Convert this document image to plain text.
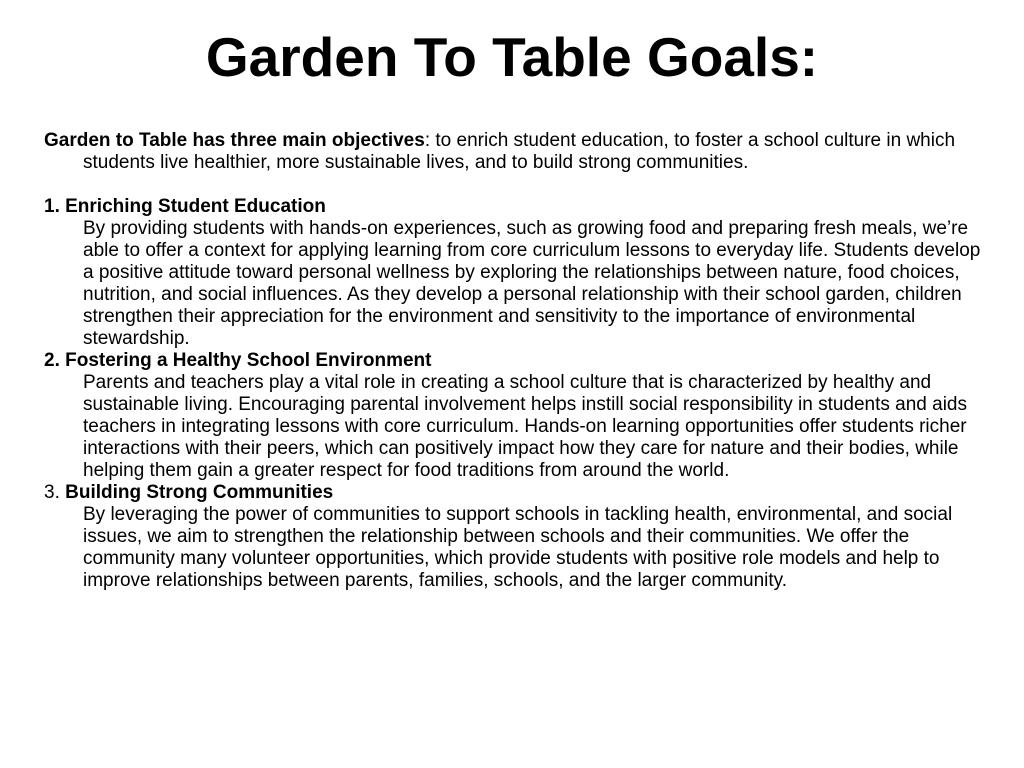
Garden To Table Goals:

Garden to Table has three main objectives: to enrich student education, to foster a school culture in which students live healthier, more sustainable lives, and to build strong communities.

1. Enriching Student Education
By providing students with hands-on experiences, such as growing food and preparing fresh meals, we’re able to offer a context for applying learning from core curriculum lessons to everyday life. Students develop a positive attitude toward personal wellness by exploring the relationships between nature, food choices, nutrition, and social influences. As they develop a personal relationship with their school garden, children strengthen their appreciation for the environment and sensitivity to the importance of environmental stewardship.
2. Fostering a Healthy School Environment
Parents and teachers play a vital role in creating a school culture that is characterized by healthy and sustainable living. Encouraging parental involvement helps instill social responsibility in students and aids teachers in integrating lessons with core curriculum. Hands-on learning opportunities offer students richer interactions with their peers, which can positively impact how they care for nature and their bodies, while helping them gain a greater respect for food traditions from around the world.
3. Building Strong Communities
By leveraging the power of communities to support schools in tackling health, environmental, and social issues, we aim to strengthen the relationship between schools and their communities. We offer the community many volunteer opportunities, which provide students with positive role models and help to improve relationships between parents, families, schools, and the larger community.
